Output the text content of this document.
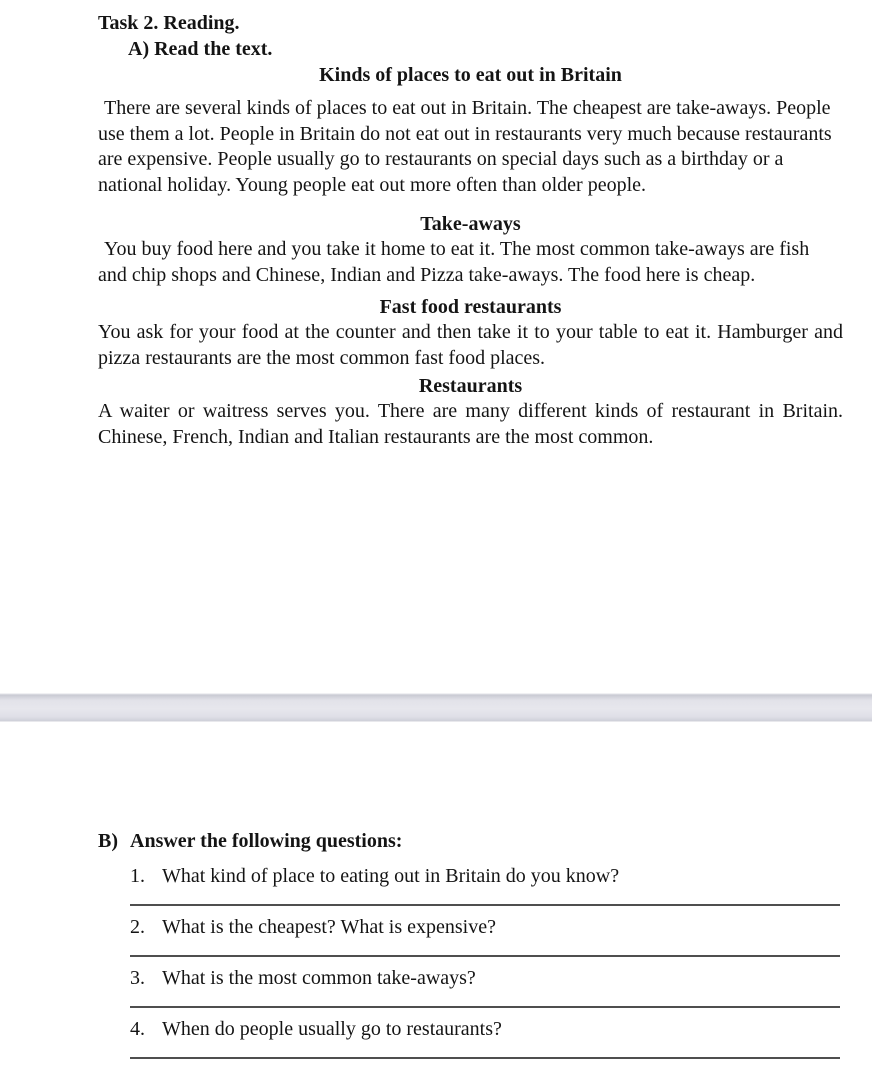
Task 2. Reading.
A) Read the text.
Kinds of places to eat out in Britain

There are several kinds of places to eat out in Britain. The cheapest are take-aways. People use them a lot. People in Britain do not eat out in restaurants very much because restaurants are expensive. People usually go to restaurants on special days such as a birthday or a national holiday. Young people eat out more often than older people.

Take-aways

You buy food here and you take it home to eat it. The most common take-aways are fish and chip shops and Chinese, Indian and Pizza take-aways. The food here is cheap.

Fast food restaurants

You ask for your food at the counter and then take it to your table to eat it. Hamburger and pizza restaurants are the most common fast food places.

Restaurants

A waiter or waitress serves you. There are many different kinds of restaurant in Britain. Chinese, French, Indian and Italian restaurants are the most common.

B) Answer the following questions:
1. What kind of place to eating out in Britain do you know?
2. What is the cheapest? What is expensive?
3. What is the most common take-aways?
4. When do people usually go to restaurants?
